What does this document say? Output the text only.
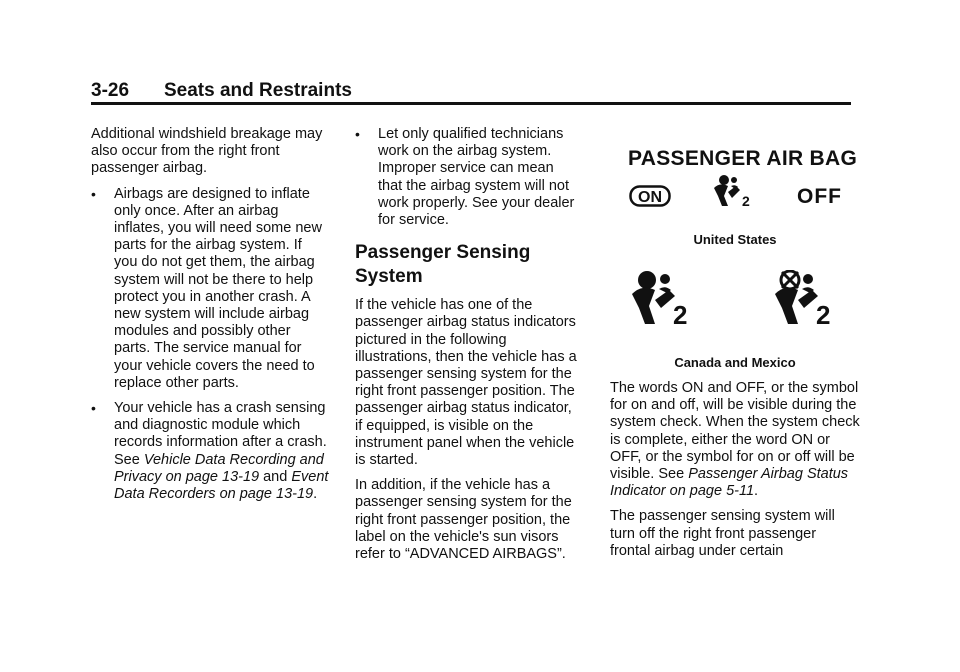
3-26 Seats and Restraints

Additional windshield breakage may also occur from the right front passenger airbag.

• Airbags are designed to inflate only once. After an airbag inflates, you will need some new parts for the airbag system. If you do not get them, the airbag system will not be there to help protect you in another crash. A new system will include airbag modules and possibly other parts. The service manual for your vehicle covers the need to replace other parts.
• Your vehicle has a crash sensing and diagnostic module which records information after a crash. See Vehicle Data Recording and Privacy on page 13-19 and Event Data Recorders on page 13-19.
• Let only qualified technicians work on the airbag system. Improper service can mean that the airbag system will not work properly. See your dealer for service.
Passenger Sensing System

If the vehicle has one of the passenger airbag status indicators pictured in the following illustrations, then the vehicle has a passenger sensing system for the right front passenger position. The passenger airbag status indicator, if equipped, is visible on the instrument panel when the vehicle is started.

In addition, if the vehicle has a passenger sensing system for the right front passenger position, the label on the vehicle's sun visors refer to “ADVANCED AIRBAGS”.

PASSENGER AIR BAG
ON	2 OFF
United States
2	2
Canada and Mexico

The words ON and OFF, or the symbol for on and off, will be visible during the system check. When the system check is complete, either the word ON or OFF, or the symbol for on or off will be visible. See Passenger Airbag Status Indicator on page 5-11.

The passenger sensing system will turn off the right front passenger frontal airbag under certain
